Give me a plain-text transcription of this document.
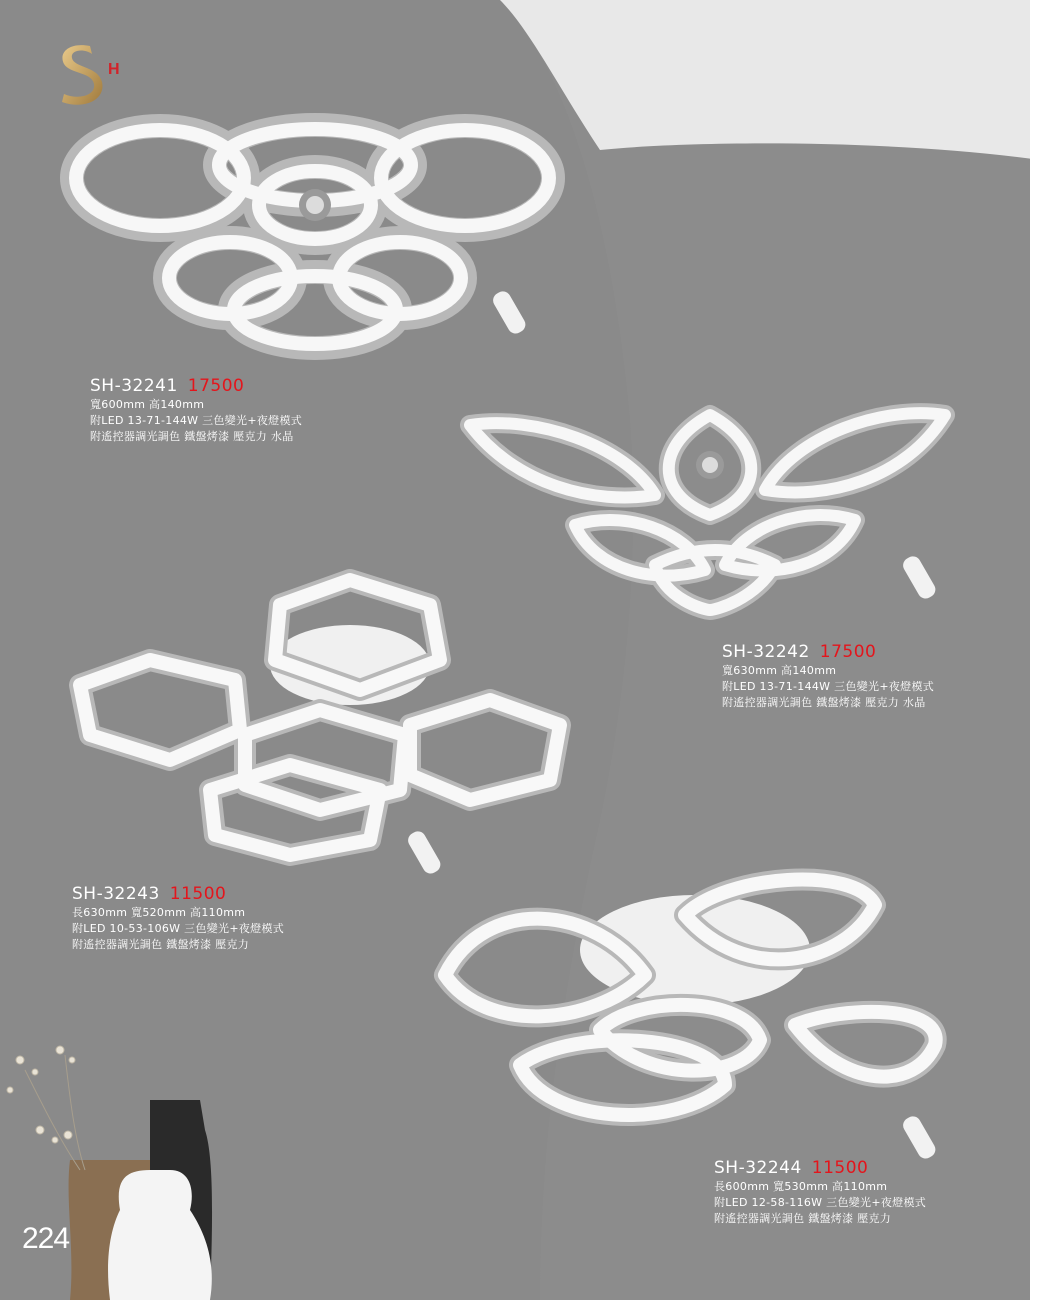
H
SH-32241 17500
寬600mm 高140mm
附LED 13-71-144W 三色變光+夜燈模式
附遙控器調光調色 鐵盤烤漆 壓克力 水晶
SH-32242 17500
寬630mm 高140mm
附LED 13-71-144W 三色變光+夜燈模式
附遙控器調光調色 鐵盤烤漆 壓克力 水晶
SH-32243 11500
長630mm 寬520mm 高110mm
附LED 10-53-106W 三色變光+夜燈模式
附遙控器調光調色 鐵盤烤漆 壓克力
SH-32244 11500
長600mm 寬530mm 高110mm
附LED 12-58-116W 三色變光+夜燈模式
附遙控器調光調色 鐵盤烤漆 壓克力
224
